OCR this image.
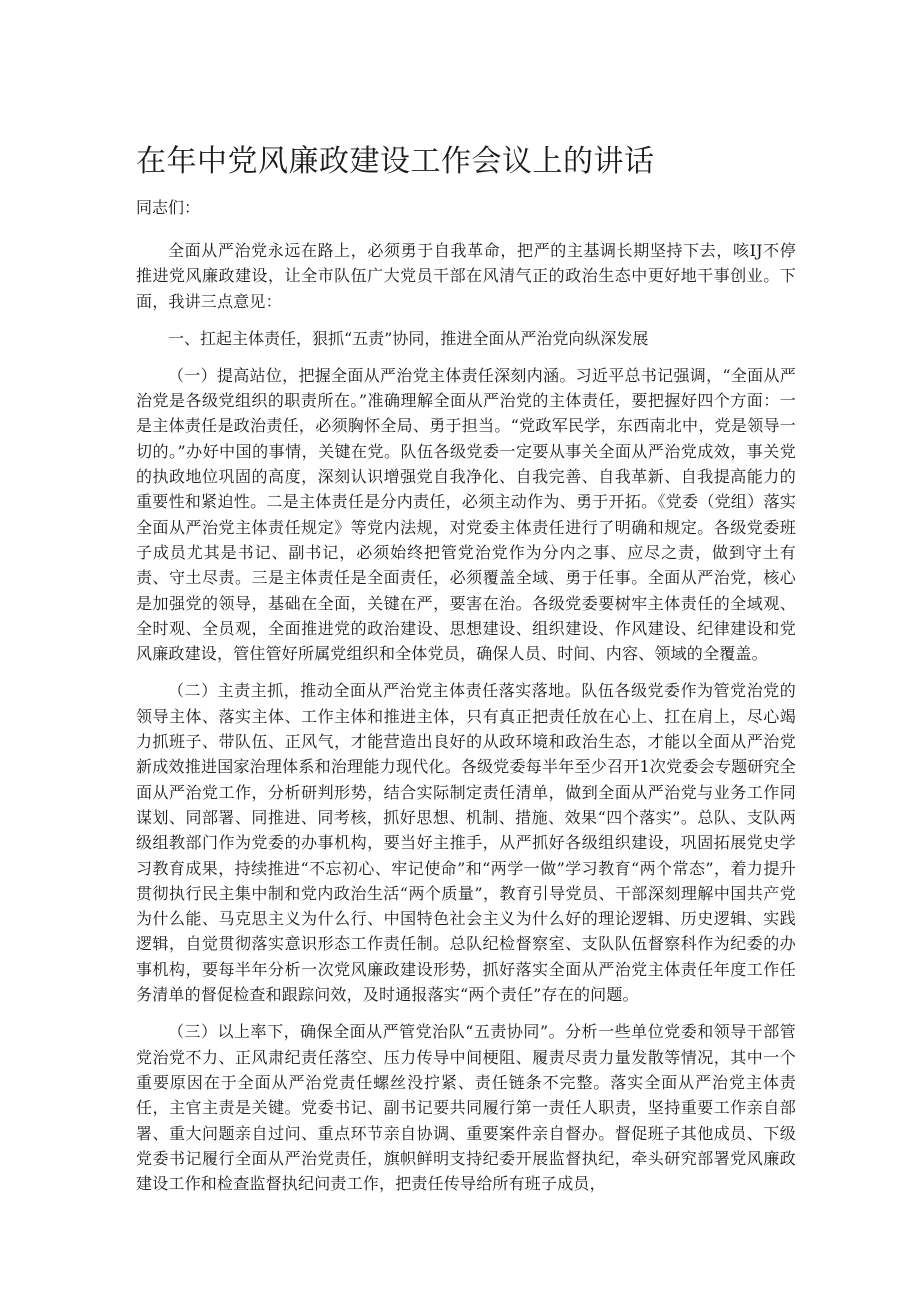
在年中党风廉政建设工作会议上的讲话

同志们：

全面从严治党永远在路上，必须勇于自我革命，把严的主基调长期坚持下去，咳IJ不停推进党风廉政建设，让全市队伍广大党员干部在风清气正的政治生态中更好地干事创业。下面，我讲三点意见：

一、扛起主体责任，狠抓“五责”协同，推进全面从严治党向纵深发展

（一）提高站位，把握全面从严治党主体责任深刻内涵。习近平总书记强调，“全面从严治党是各级党组织的职责所在。”准确理解全面从严治党的主体责任，要把握好四个方面：一是主体责任是政治责任，必须胸怀全局、勇于担当。“党政军民学，东西南北中，党是领导一切的。”办好中国的事情，关键在党。队伍各级党委一定要从事关全面从严治党成效，事关党的执政地位巩固的高度，深刻认识增强党自我净化、自我完善、自我革新、自我提高能力的重要性和紧迫性。二是主体责任是分内责任，必须主动作为、勇于开拓。《党委（党组）落实全面从严治党主体责任规定》等党内法规，对党委主体责任进行了明确和规定。各级党委班子成员尤其是书记、副书记，必须始终把管党治党作为分内之事、应尽之责，做到守土有责、守土尽责。三是主体责任是全面责任，必须覆盖全域、勇于任事。全面从严治党，核心是加强党的领导，基础在全面，关键在严，要害在治。各级党委要树牢主体责任的全域观、全时观、全员观，全面推进党的政治建设、思想建设、组织建设、作风建设、纪律建设和党风廉政建设，管住管好所属党组织和全体党员，确保人员、时间、内容、领域的全覆盖。

（二）主责主抓，推动全面从严治党主体责任落实落地。队伍各级党委作为管党治党的领导主体、落实主体、工作主体和推进主体，只有真正把责任放在心上、扛在肩上，尽心竭力抓班子、带队伍、正风气，才能营造出良好的从政环境和政治生态，才能以全面从严治党新成效推进国家治理体系和治理能力现代化。各级党委每半年至少召开1次党委会专题研究全面从严治党工作，分析研判形势，结合实际制定责任清单，做到全面从严治党与业务工作同谋划、同部署、同推进、同考核，抓好思想、机制、措施、效果“四个落实”。总队、支队两级组教部门作为党委的办事机构，要当好主推手，从严抓好各级组织建设，巩固拓展党史学习教育成果，持续推进“不忘初心、牢记使命”和“两学一做”学习教育“两个常态”，着力提升贯彻执行民主集中制和党内政治生活“两个质量”，教育引导党员、干部深刻理解中国共产党为什么能、马克思主义为什么行、中国特色社会主义为什么好的理论逻辑、历史逻辑、实践逻辑，自觉贯彻落实意识形态工作责任制。总队纪检督察室、支队队伍督察科作为纪委的办事机构，要每半年分析一次党风廉政建设形势，抓好落实全面从严治党主体责任年度工作任务清单的督促检查和跟踪问效，及时通报落实“两个责任”存在的问题。

（三）以上率下，确保全面从严管党治队“五责协同”。分析一些单位党委和领导干部管党治党不力、正风肃纪责任落空、压力传导中间梗阻、履责尽责力量发散等情况，其中一个重要原因在于全面从严治党责任螺丝没拧紧、责任链条不完整。落实全面从严治党主体责任，主官主责是关键。党委书记、副书记要共同履行第一责任人职责，坚持重要工作亲自部署、重大问题亲自过问、重点环节亲自协调、重要案件亲自督办。督促班子其他成员、下级党委书记履行全面从严治党责任，旗帜鲜明支持纪委开展监督执纪，牵头研究部署党风廉政建设工作和检查监督执纪问责工作，把责任传导给所有班子成员，
